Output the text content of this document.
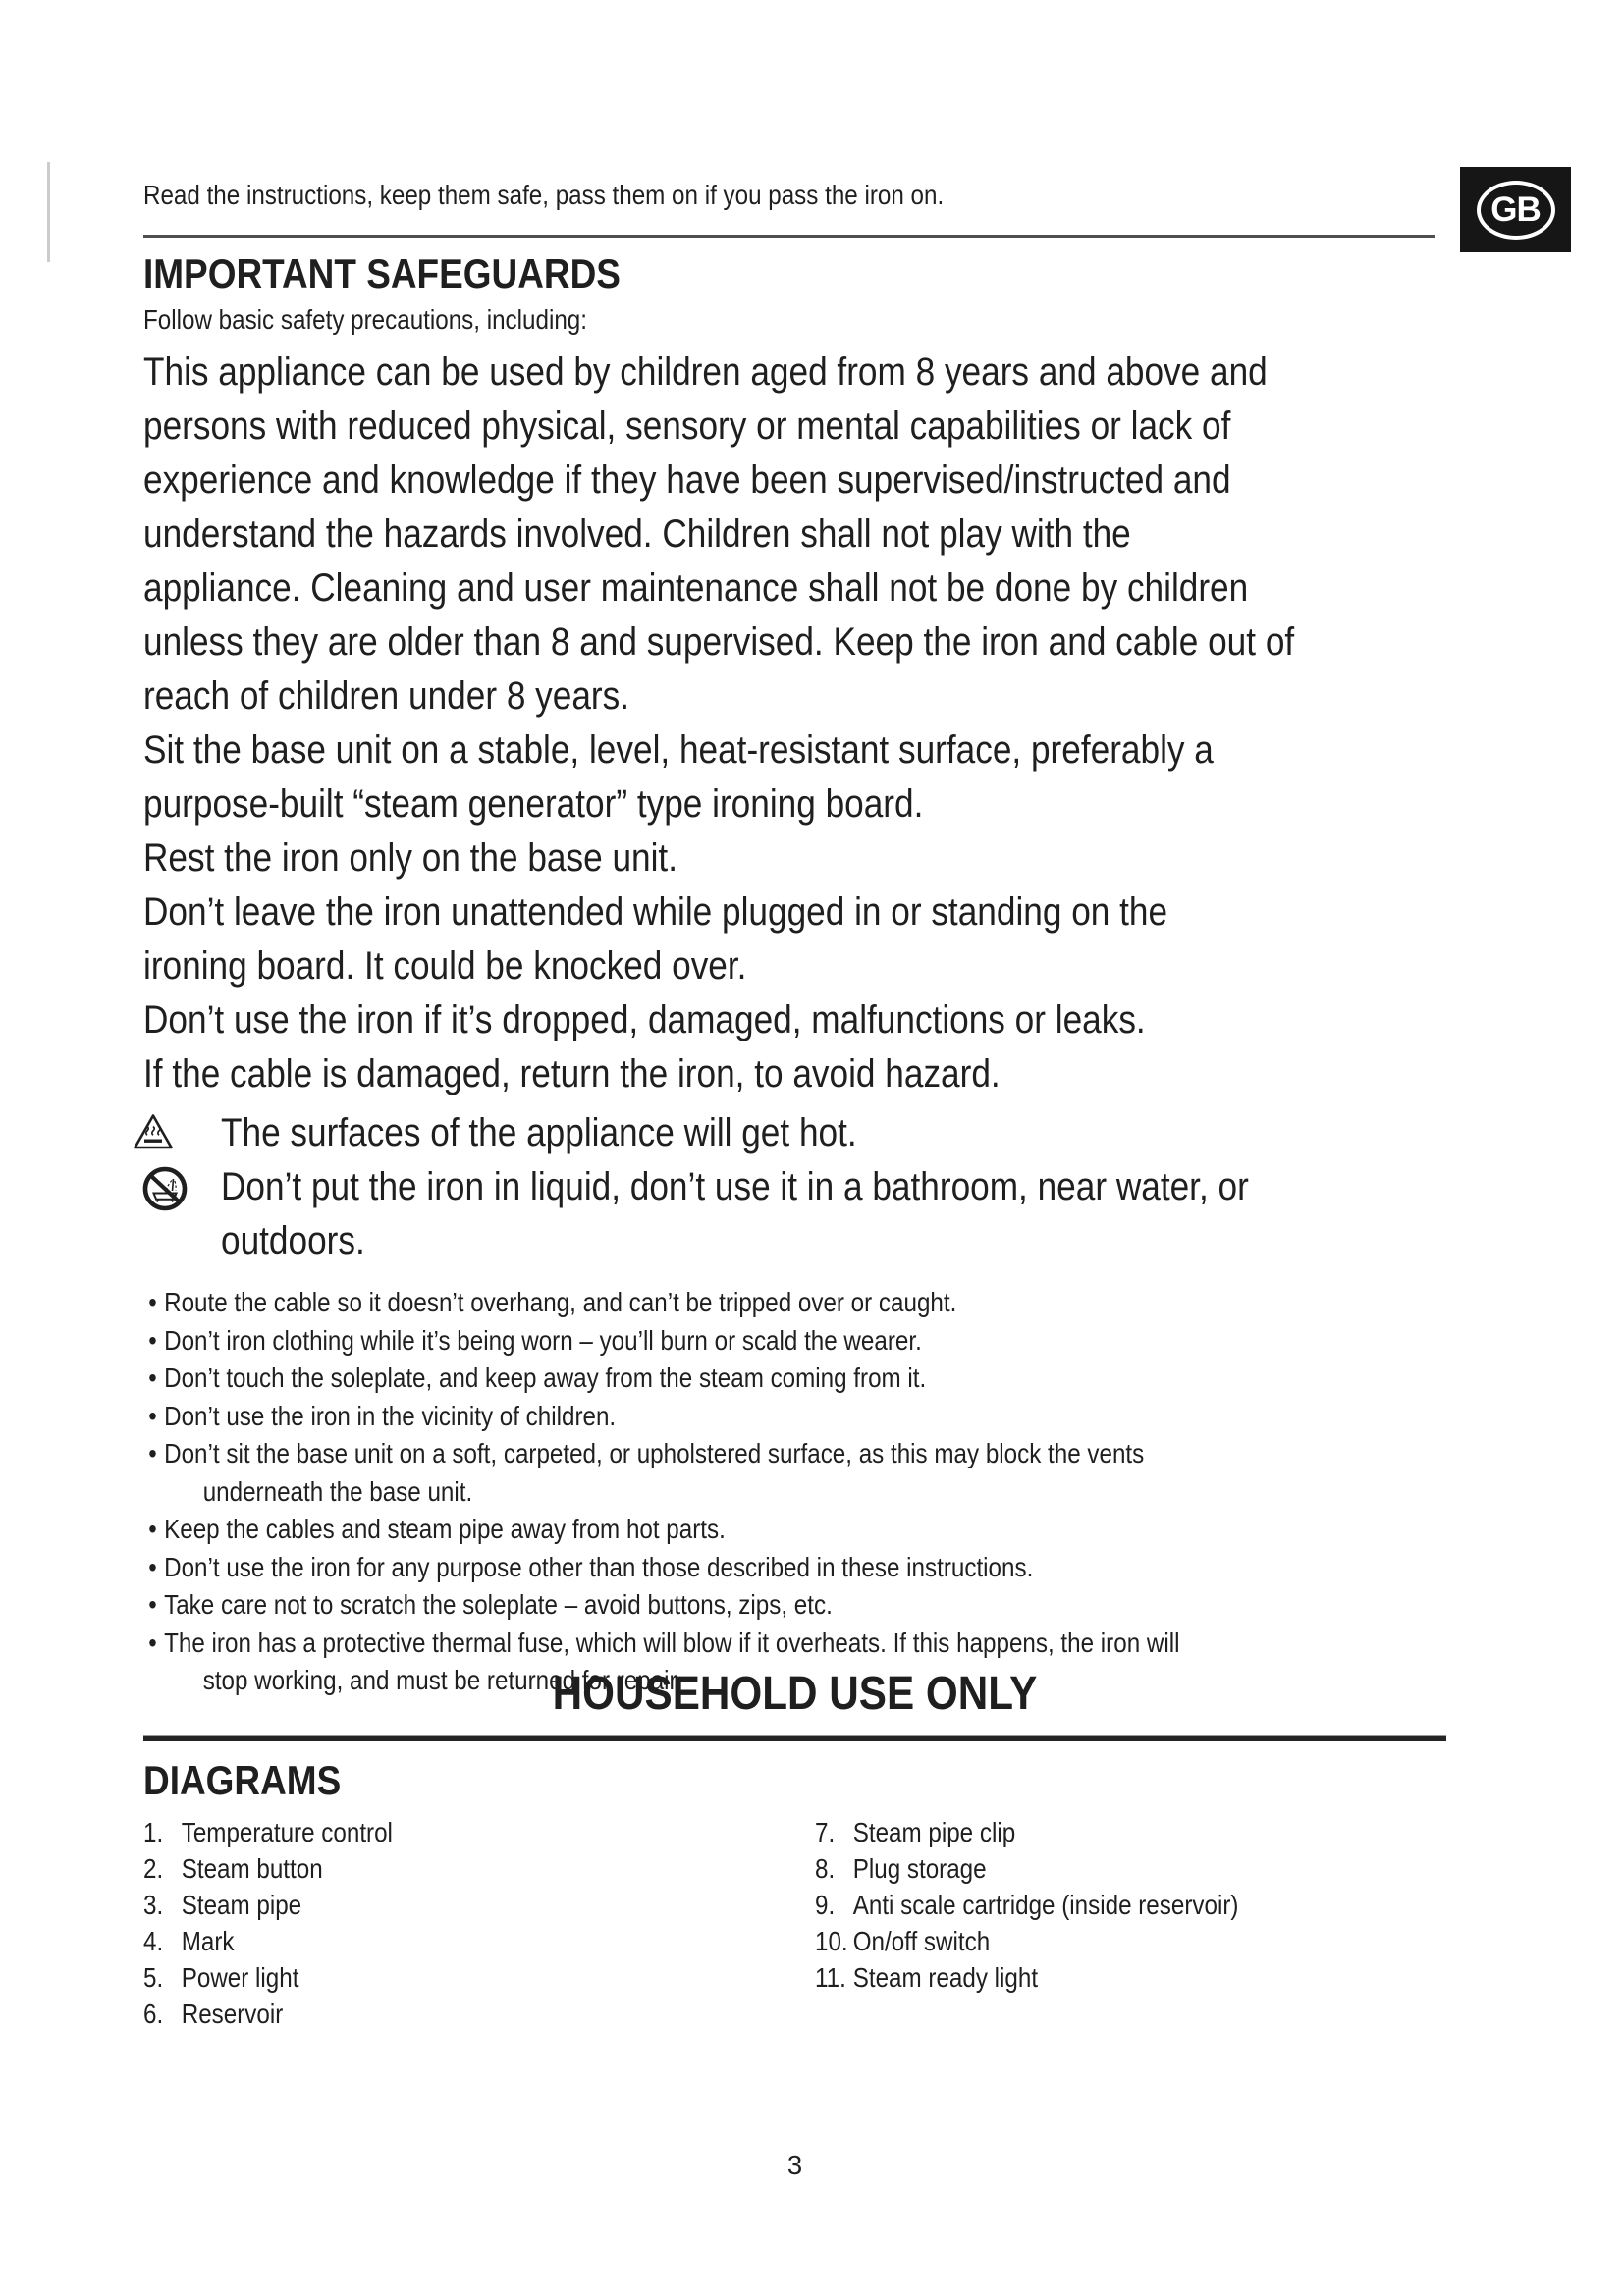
Read the instructions, keep them safe, pass them on if you pass the iron on.	GB
IMPORTANT SAFEGUARDS
Follow basic safety precautions, including:
This appliance can be used by children aged from 8 years and above and
persons with reduced physical, sensory or mental capabilities or lack of
experience and knowledge if they have been supervised/instructed and
understand the hazards involved. Children shall not play with the
appliance. Cleaning and user maintenance shall not be done by children
unless they are older than 8 and supervised. Keep the iron and cable out of
reach of children under 8 years.
Sit the base unit on a stable, level, heat-resistant surface, preferably a
purpose-built “steam generator” type ironing board.
Rest the iron only on the base unit.
Don’t leave the iron unattended while plugged in or standing on the
ironing board. It could be knocked over.
Don’t use the iron if it’s dropped, damaged, malfunctions or leaks.
If the cable is damaged, return the iron, to avoid hazard.
The surfaces of the appliance will get hot.
Don’t put the iron in liquid, don’t use it in a bathroom, near water, or
outdoors.
• Route the cable so it doesn’t overhang, and can’t be tripped over or caught.
• Don’t iron clothing while it’s being worn – you’ll burn or scald the wearer.
• Don’t touch the soleplate, and keep away from the steam coming from it.
• Don’t use the iron in the vicinity of children.
• Don’t sit the base unit on a soft, carpeted, or upholstered surface, as this may block the vents
underneath the base unit.
• Keep the cables and steam pipe away from hot parts.
• Don’t use the iron for any purpose other than those described in these instructions.
• Take care not to scratch the soleplate – avoid buttons, zips, etc.
• The iron has a protective thermal fuse, which will blow if it overheats. If this happens, the iron will
stop working, and must be returned for repair.
HOUSEHOLD USE ONLY
DIAGRAMS
1. Temperature control
2. Steam button
3. Steam pipe
4. Mark
5. Power light
6. Reservoir
7. Steam pipe clip
8. Plug storage
9. Anti scale cartridge (inside reservoir)
10. On/off switch
11. Steam ready light
3
